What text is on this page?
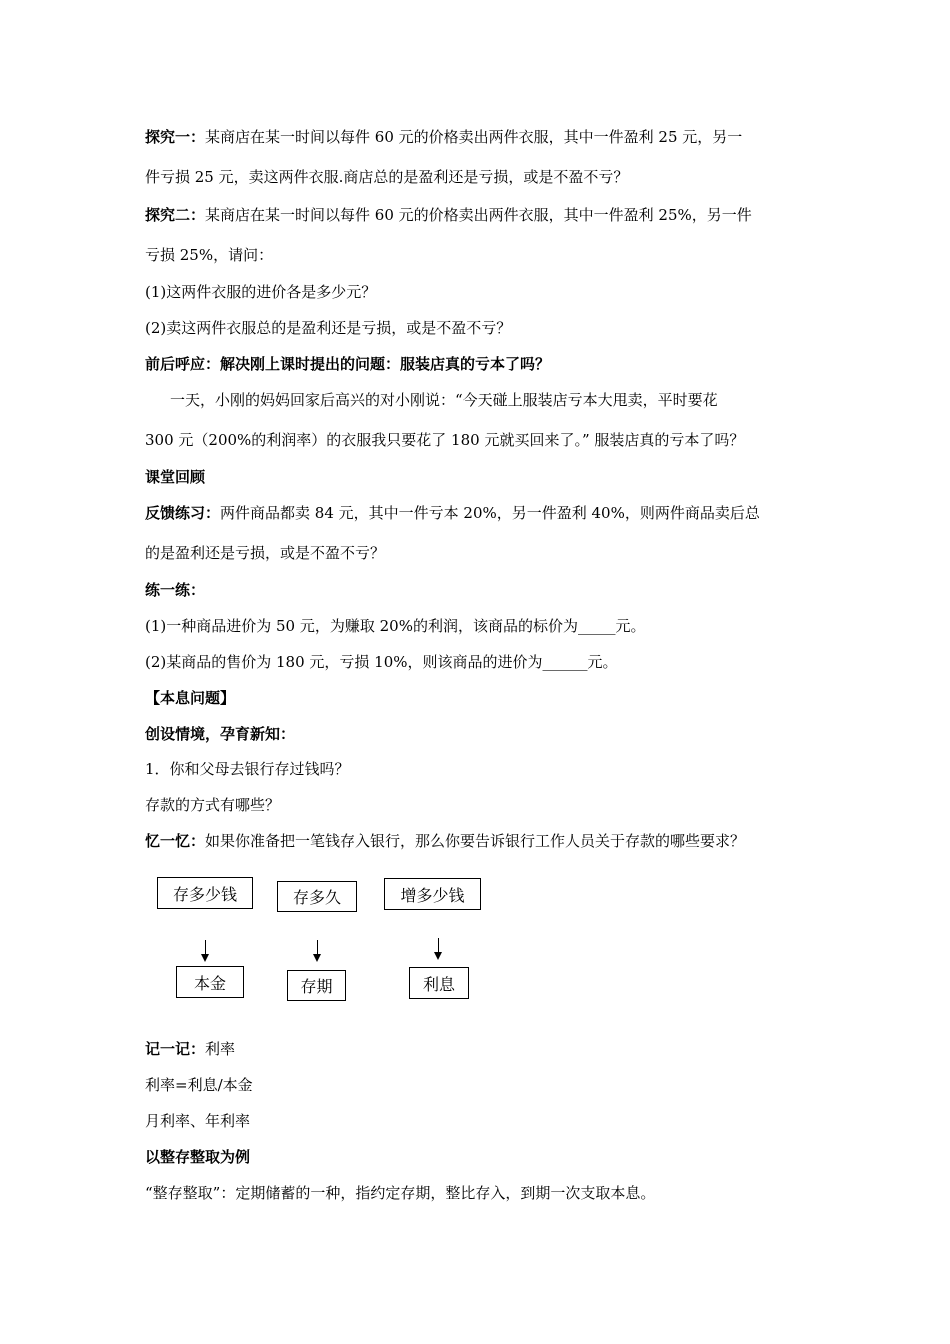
探究一：某商店在某一时间以每件 60 元的价格卖出两件衣服，其中一件盈利 25 元，另一
件亏损 25 元，卖这两件衣服.商店总的是盈利还是亏损，或是不盈不亏？
探究二：某商店在某一时间以每件 60 元的价格卖出两件衣服，其中一件盈利 25%，另一件
亏损 25%，请问：
(1)这两件衣服的进价各是多少元？
(2)卖这两件衣服总的是盈利还是亏损，或是不盈不亏？
前后呼应：解决刚上课时提出的问题：服装店真的亏本了吗？
一天，小刚的妈妈回家后高兴的对小刚说：“今天碰上服装店亏本大甩卖，平时要花
300 元（200%的利润率）的衣服我只要花了 180 元就买回来了。” 服装店真的亏本了吗？
课堂回顾
反馈练习：两件商品都卖 84 元，其中一件亏本 20%，另一件盈利 40%，则两件商品卖后总
的是盈利还是亏损，或是不盈不亏？
练一练：
(1)一种商品进价为 50 元，为赚取 20%的利润，该商品的标价为_____元。
(2)某商品的售价为 180 元，亏损 10%，则该商品的进价为______元。
【本息问题】
创设情境，孕育新知：
1．你和父母去银行存过钱吗？
存款的方式有哪些？
忆一忆：如果你准备把一笔钱存入银行，那么你要告诉银行工作人员关于存款的哪些要求？
存多少钱	存多久	增多少钱
本金	存期	利息
记一记：利率
利率=利息/本金
月利率、年利率
以整存整取为例
“整存整取”：定期储蓄的一种，指约定存期，整比存入，到期一次支取本息。
